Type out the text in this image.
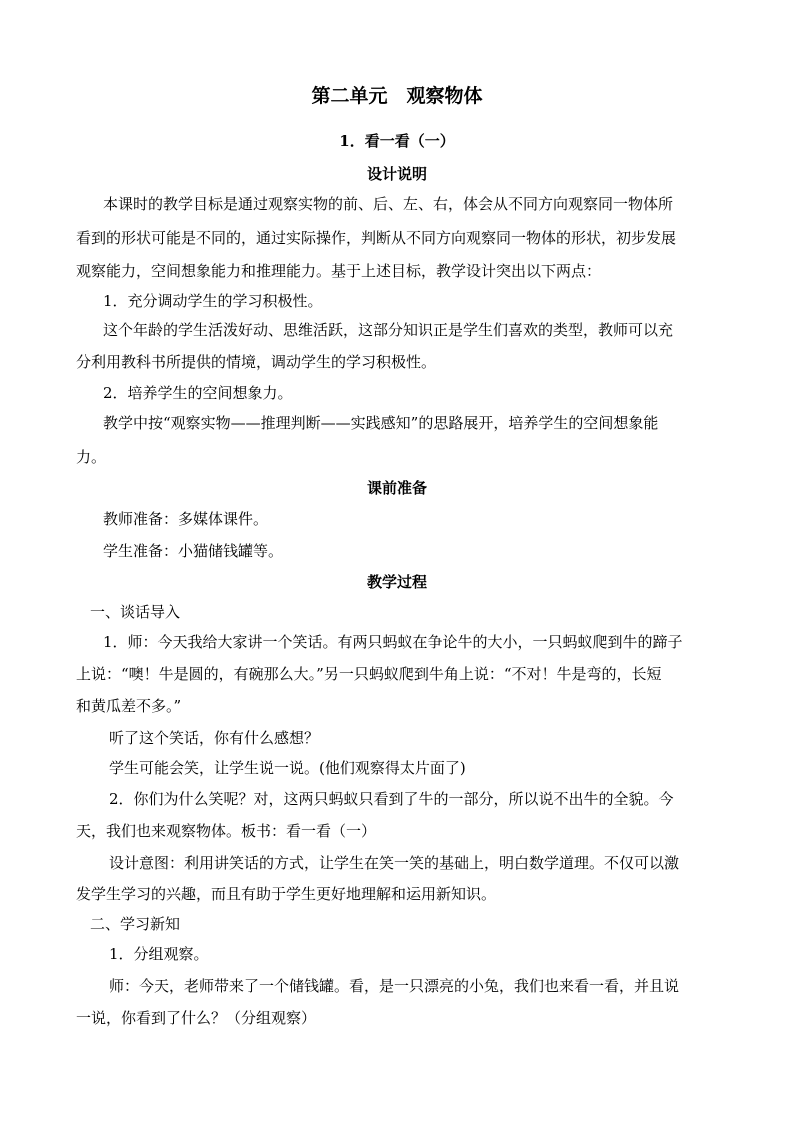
第二单元　观察物体
1．看一看（一）
设计说明
本课时的教学目标是通过观察实物的前、后、左、右，体会从不同方向观察同一物体所
看到的形状可能是不同的，通过实际操作，判断从不同方向观察同一物体的形状，初步发展
观察能力，空间想象能力和推理能力。基于上述目标，教学设计突出以下两点：
1．充分调动学生的学习积极性。
这个年龄的学生活泼好动、思维活跃，这部分知识正是学生们喜欢的类型，教师可以充
分利用教科书所提供的情境，调动学生的学习积极性。
2．培养学生的空间想象力。
教学中按“观察实物——推理判断——实践感知”的思路展开，培养学生的空间想象能
力。
课前准备
教师准备：多媒体课件。
学生准备：小猫储钱罐等。
教学过程
一、谈话导入
1．师：今天我给大家讲一个笑话。有两只蚂蚁在争论牛的大小，一只蚂蚁爬到牛的蹄子
上说：“噢！牛是圆的，有碗那么大。”另一只蚂蚁爬到牛角上说：“不对！牛是弯的，长短
和黄瓜差不多。”
听了这个笑话，你有什么感想？
学生可能会笑，让学生说一说。(他们观察得太片面了)
2．你们为什么笑呢？对，这两只蚂蚁只看到了牛的一部分，所以说不出牛的全貌。今
天，我们也来观察物体。板书：看一看（一）
设计意图：利用讲笑话的方式，让学生在笑一笑的基础上，明白数学道理。不仅可以激
发学生学习的兴趣，而且有助于学生更好地理解和运用新知识。
二、学习新知
1．分组观察。
师：今天，老师带来了一个储钱罐。看，是一只漂亮的小兔，我们也来看一看，并且说
一说，你看到了什么？（分组观察）
